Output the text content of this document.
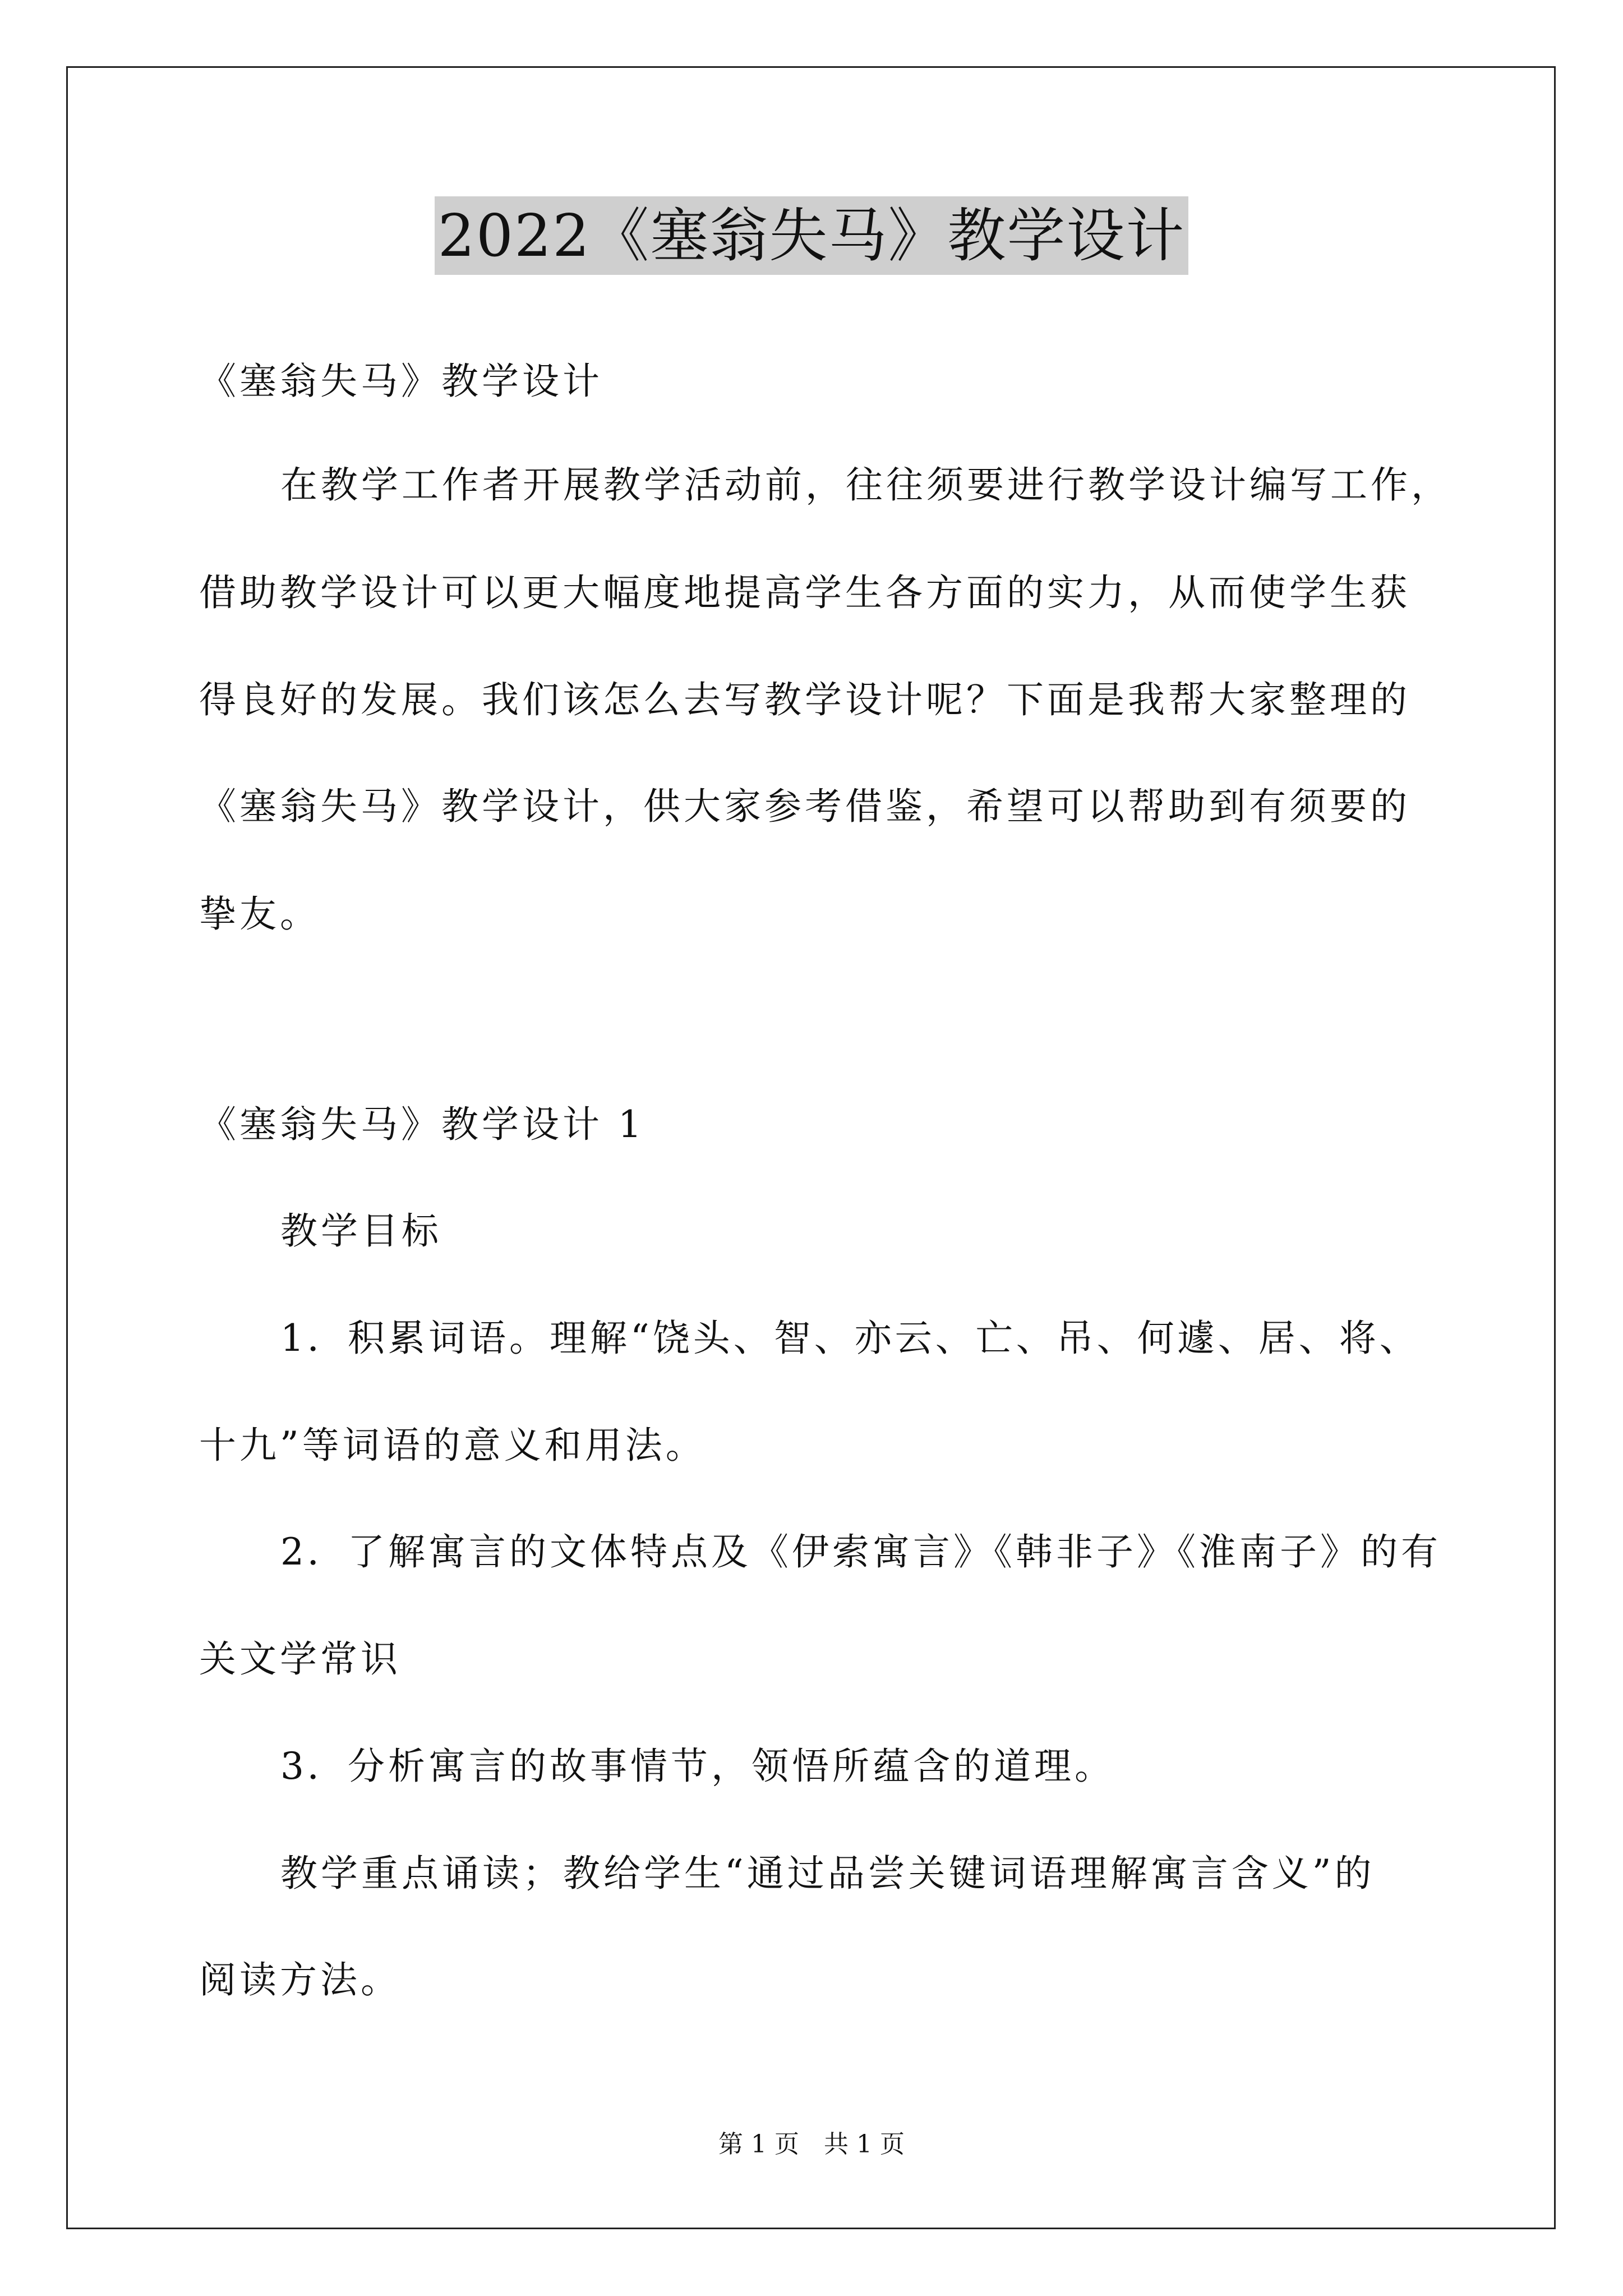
2022《塞翁失马》教学设计
《塞翁失马》教学设计
在教学工作者开展教学活动前，往往须要进行教学设计编写工作，
借助教学设计可以更大幅度地提高学生各方面的实力，从而使学生获
得良好的发展。我们该怎么去写教学设计呢？下面是我帮大家整理的
《塞翁失马》教学设计，供大家参考借鉴，希望可以帮助到有须要的
挚友。
《塞翁失马》教学设计 1
教学目标
1．积累词语。理解“饶头、智、亦云、亡、吊、何遽、居、将、
十九”等词语的意义和用法。
2．了解寓言的文体特点及《伊索寓言》《韩非子》《淮南子》的有
关文学常识
3．分析寓言的故事情节，领悟所蕴含的道理。
教学重点诵读；教给学生“通过品尝关键词语理解寓言含义”的
阅读方法。
第 1 页　共 1 页
